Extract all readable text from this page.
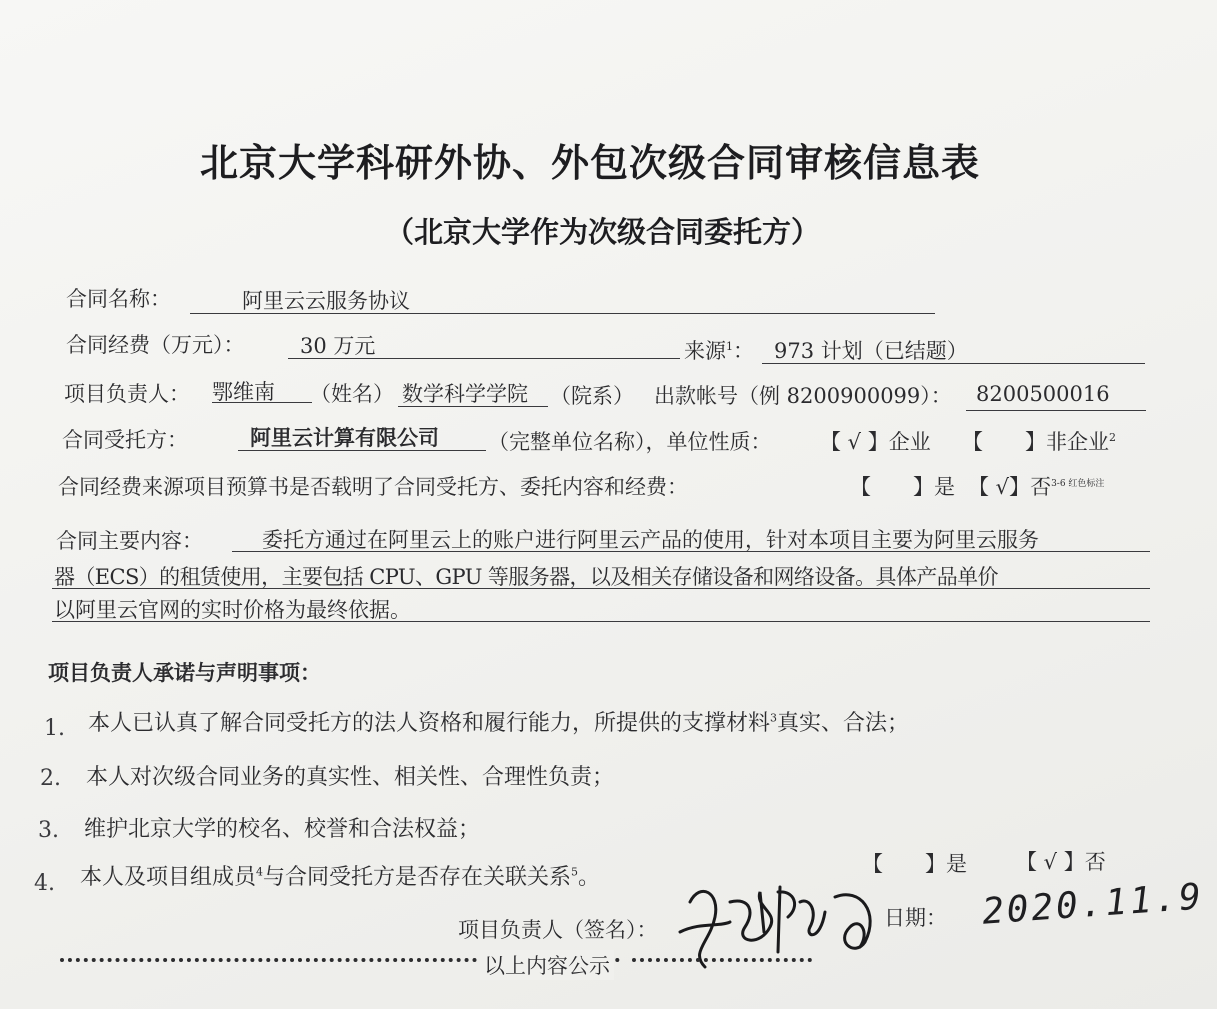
北京大学科研外协、外包次级合同审核信息表
（北京大学作为次级合同委托方）
合同名称：	阿里云云服务协议
合同经费（万元）：	30 万元	来源$^1$： 973 计划（已结题）
项目负责人： 鄂维南 （姓名） 数学科学学院 （院系） 出款帐号（例 8200900099）： 8200500016
合同受托方：	阿里云计算有限公司 （完整单位名称），单位性质： 【 √ 】企业 【　　】非企业$^2$
合同经费来源项目预算书是否载明了合同受托方、委托内容和经费：	【　　】是 【 √】否$^{3-6 红色标注}$
合同主要内容：	委托方通过在阿里云上的账户进行阿里云产品的使用，针对本项目主要为阿里云服务
器（ECS）的租赁使用，主要包括 CPU、GPU 等服务器，以及相关存储设备和网络设备。具体产品单价
以阿里云官网的实时价格为最终依据。
项目负责人承诺与声明事项：
1. 本人已认真了解合同受托方的法人资格和履行能力，所提供的支撑材料$^3$真实、合法；
2. 本人对次级合同业务的真实性、相关性、合理性负责；
3. 维护北京大学的校名、校誉和合法权益；
4. 本人及项目组成员$^4$与合同受托方是否存在关联关系$^5$。
【　　】是 【 √ 】否
项目负责人（签名）：	日期： 2020.11.9
以上内容公示
